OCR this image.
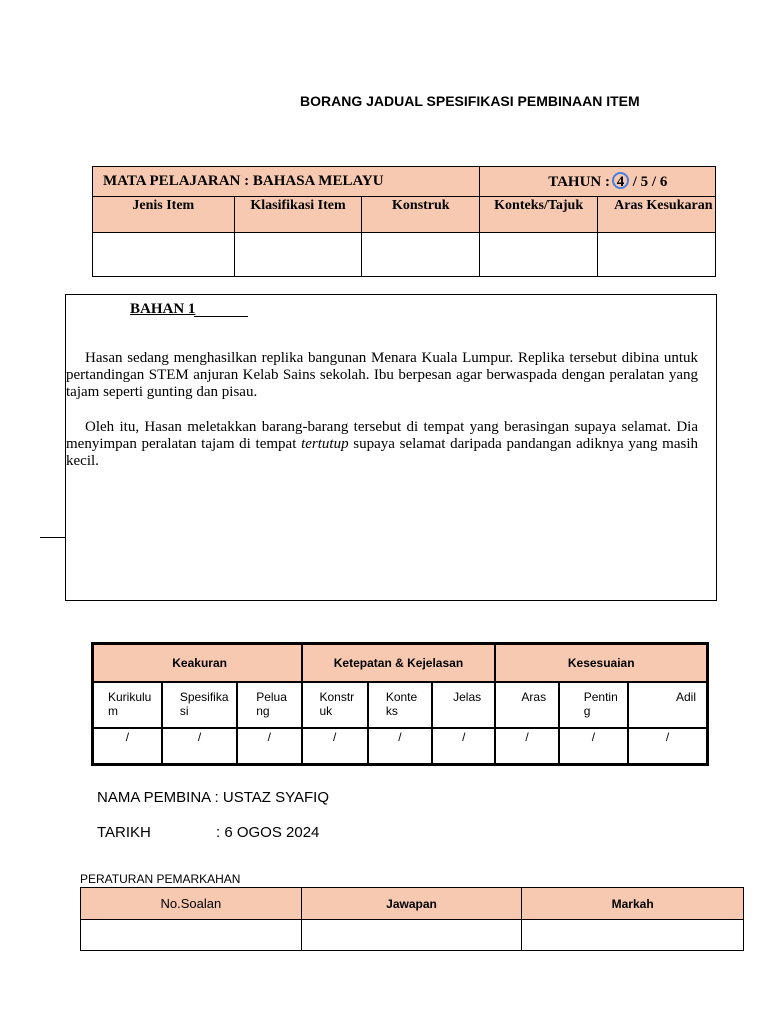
BORANG JADUAL SPESIFIKASI PEMBINAAN ITEM
MATA PELAJARAN : BAHASA MELAYU			TAHUN : 4 / 5 / 6	
Jenis Item	Klasifikasi Item	Konstruk	Konteks/Tajuk	Aras Kesukaran

BAHAN 1
Hasan sedang menghasilkan replika bangunan Menara Kuala Lumpur. Replika tersebut dibina untuk pertandingan STEM anjuran Kelab Sains sekolah. Ibu berpesan agar berwaspada dengan peralatan yang tajam seperti gunting dan pisau.
Oleh itu, Hasan meletakkan barang-barang tersebut di tempat yang berasingan supaya selamat. Dia menyimpan peralatan tajam di tempat tertutup supaya selamat daripada pandangan adiknya yang masih kecil.
Keakuran			Ketepatan & Kejelasan			Kesesuaian		
Kurikulum	Spesifikasi	Peluang	Konstruk	Konteks	Jelas	Aras	Penting	Adil
/	/	/	/	/	/	/	/	/
NAMA PEMBINA : USTAZ SYAFIQ
TARIKH	: 6 OGOS 2024
PERATURAN PEMARKAHAN
No.Soalan	Jawapan	Markah
